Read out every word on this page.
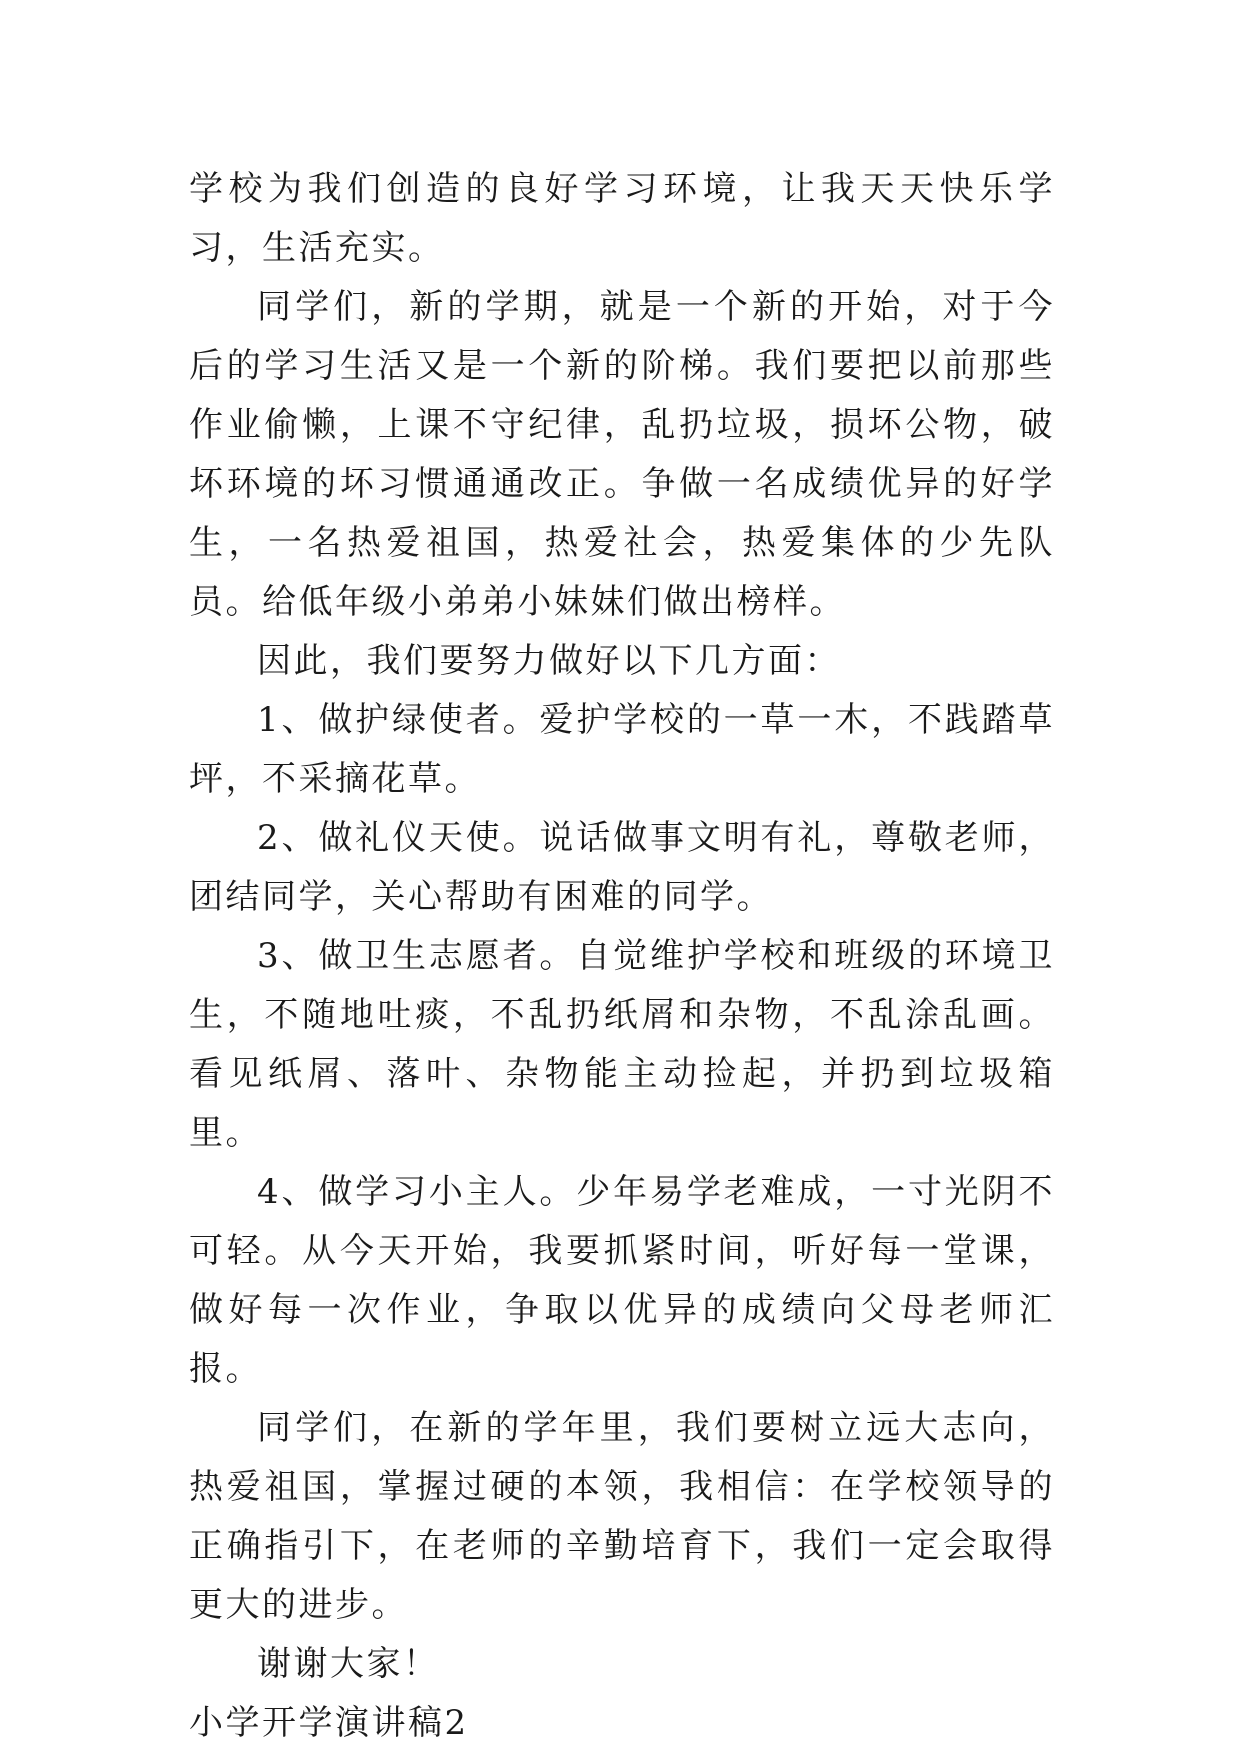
学校为我们创造的良好学习环境，让我天天快乐学习，生活充实。

同学们，新的学期，就是一个新的开始，对于今后的学习生活又是一个新的阶梯。我们要把以前那些作业偷懒，上课不守纪律，乱扔垃圾，损坏公物，破坏环境的坏习惯通通改正。争做一名成绩优异的好学生，一名热爱祖国，热爱社会，热爱集体的少先队员。给低年级小弟弟小妹妹们做出榜样。

因此，我们要努力做好以下几方面：

1、做护绿使者。爱护学校的一草一木，不践踏草坪，不采摘花草。

2、做礼仪天使。说话做事文明有礼，尊敬老师，团结同学，关心帮助有困难的同学。

3、做卫生志愿者。自觉维护学校和班级的环境卫生，不随地吐痰，不乱扔纸屑和杂物，不乱涂乱画。看见纸屑、落叶、杂物能主动捡起，并扔到垃圾箱里。

4、做学习小主人。少年易学老难成，一寸光阴不可轻。从今天开始，我要抓紧时间，听好每一堂课，做好每一次作业，争取以优异的成绩向父母老师汇报。

同学们，在新的学年里，我们要树立远大志向，热爱祖国，掌握过硬的本领，我相信：在学校领导的正确指引下，在老师的辛勤培育下，我们一定会取得更大的进步。

谢谢大家！

小学开学演讲稿2
